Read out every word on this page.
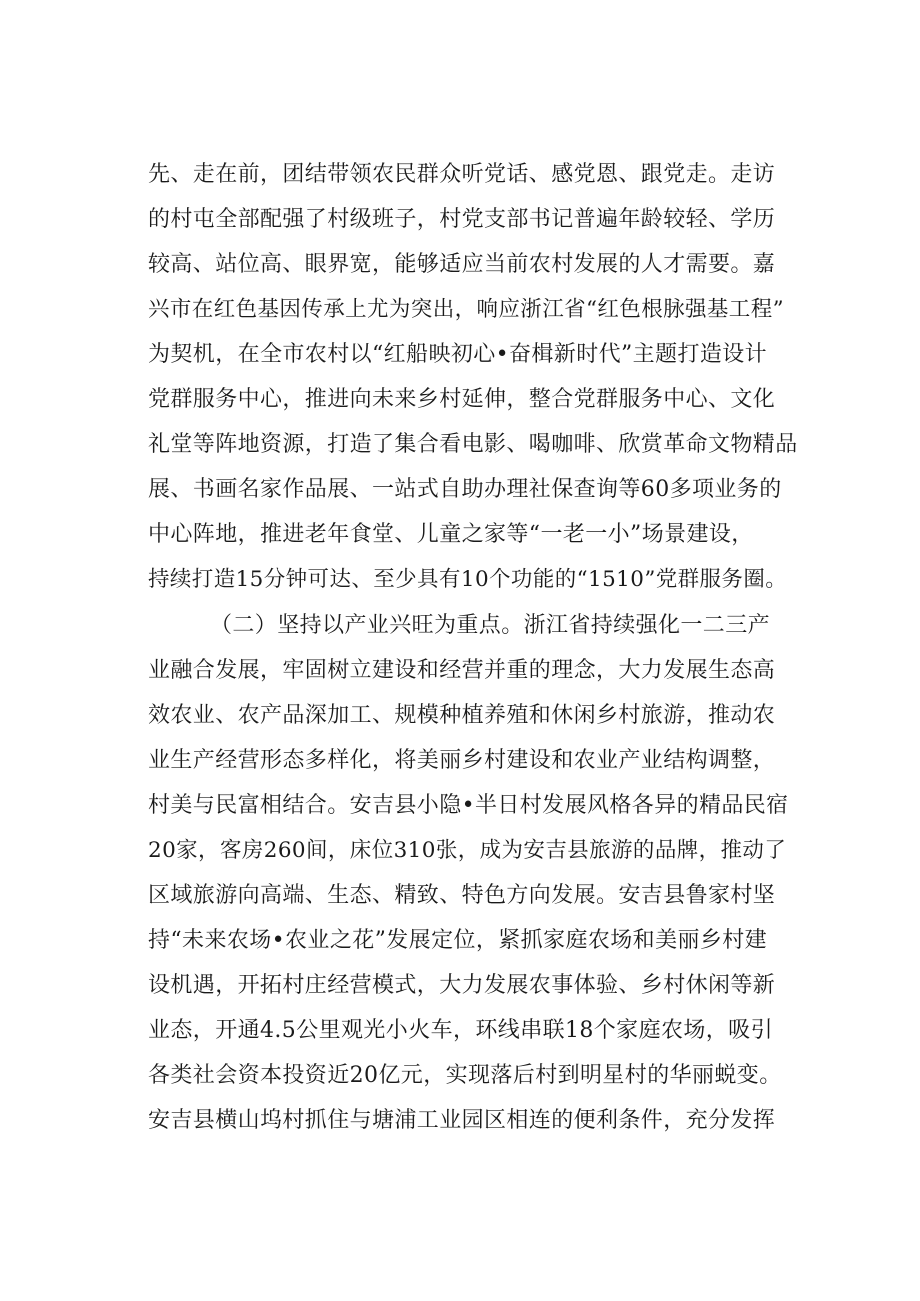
先、走在前，团结带领农民群众听党话、感党恩、跟党走。走访
的村屯全部配强了村级班子，村党支部书记普遍年龄较轻、学历
较高、站位高、眼界宽，能够适应当前农村发展的人才需要。嘉
兴市在红色基因传承上尤为突出，响应浙江省“红色根脉强基工程”
为契机，在全市农村以“红船映初心•奋楫新时代”主题打造设计
党群服务中心，推进向未来乡村延伸，整合党群服务中心、文化
礼堂等阵地资源，打造了集合看电影、喝咖啡、欣赏革命文物精品
展、书画名家作品展、一站式自助办理社保查询等60多项业务的
中心阵地，推进老年食堂、儿童之家等“一老一小”场景建设，
持续打造15分钟可达、至少具有10个功能的“1510”党群服务圈。
（二）坚持以产业兴旺为重点。浙江省持续强化一二三产
业融合发展，牢固树立建设和经营并重的理念，大力发展生态高
效农业、农产品深加工、规模种植养殖和休闲乡村旅游，推动农
业生产经营形态多样化，将美丽乡村建设和农业产业结构调整，
村美与民富相结合。安吉县小隐•半日村发展风格各异的精品民宿
20家，客房260间，床位310张，成为安吉县旅游的品牌，推动了
区域旅游向高端、生态、精致、特色方向发展。安吉县鲁家村坚
持“未来农场•农业之花”发展定位，紧抓家庭农场和美丽乡村建
设机遇，开拓村庄经营模式，大力发展农事体验、乡村休闲等新
业态，开通4.5公里观光小火车，环线串联18个家庭农场，吸引
各类社会资本投资近20亿元，实现落后村到明星村的华丽蜕变。
安吉县横山坞村抓住与塘浦工业园区相连的便利条件，充分发挥
